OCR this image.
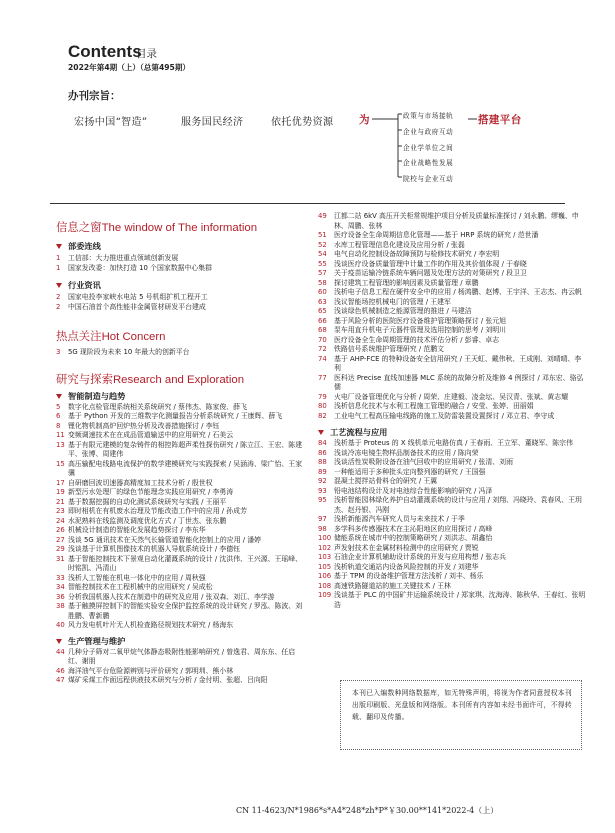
Contents
目录
2022年第4期（上）（总第495期）
办刊宗旨：
宏扬中国“智造”	服务国民经济	依托优势资源 为	搭建平台
政策与市场接轨
企业与政府互动
企业学单位之间
企业战略性发展
院校与企业互动
信息之窗The window of The information
部委连线
1	工信部：大力推进重点领域创新发展
1	国家发改委：加快打造 10 个国家数据中心集群
行业资讯
2	国家电投李家峡水电站 5 号机组扩机工程开工
2	中国石油首个高性能非金属管材研发平台建成
热点关注Hot Concern
3	5G 现阶段为未来 10 年最大的创新平台
研究与探索Research and Exploration
智能制造与趋势
5	数字化点检管理系统相关系统研究 / 蔡伟杰、陈家俊、薛飞
6	基于 Python 开发的三维数字化测量报告分析系统研究 / 王康辉、薛飞
8	锂化物机制高炉回炉热分析及改善措施探讨 / 李钰
11 变频调速技术在在成品管道输送中的应用研究 / 石美云
13 基于有限元建模的复杂铸件的相控阵超声柔性探伤研究 / 陈立江、王宏、陈建平、张博、周建伟
15 高压输配电线路电流保护的数学建模研究与实践探索 / 吴涵涛、梁广怡、王家骥
17 自研磨回波切速器高精度加工技术分析 / 殷世权
19 新型污水处理厂的绿色节能理念实践应用研究 / 李勇涛
21 基于数据挖掘的自动化测试系统研究与实践 / 王丽平
23 即时相机在有机废水治理及节能改造工作中的应用 / 孙成芳
24 水泥熟料在线监测及调度优化方式 / 丁世杰、张东鹏
26 机械设计制造的智能化发展趋势探讨 / 李东华
27 浅谈 5G 通讯技术在天然气长输管道智能化控制上的应用 / 潘婷
29 浅谈基于计算机图像技术的机器人导航系统设计 / 李德钰
31 基于智能控制技术下景观自动化灌溉系统的设计 / 沈洪伟、王兴源、王瑶峰、时铭凯、冯清山
33 浅析人工智能在机电一体化中的应用 / 周秋强
34 智能控制技术在工程机械中的应用研究 / 吴成松
36 分析我国机器人技术在制造中的研究及应用 / 张双森、刘江、李学游
38 基于触摸屏控制下的智能实验安全保护监控系统的设计研究 / 罗泓、陈波、刘胜鹏、曹新鹏
40 风力发电机叶片无人机检查路径规划技术研究 / 杨海东
生产管理与维护
44 几种分子筛对二氧甲烷气体静态吸附性能影响研究 / 曾逸君、周东东、任启红、谢朋
46 海洋油气平台危险源辨别与评价研究 / 郭明圳、熊小林
47 煤矿采煤工作面远程供液技术研究与分析 / 金付明、张超、吕向阳
49	江都二站 6kV 高压开关柜常规维护项目分析及质量标准探讨 / 刘永鹏、缪巍、申林、周鹏、张林
51	医疗设备全生命周期信息化管理——基于 HRP 系统的研究 / 范世潘
52	水库工程管理信息化建设及应用分析 / 张磊
54	电气自动化控制设备故障预防与检修技术研究 / 李宏明
55	浅谈医疗设备质量管理中计量工作的作用及其价值体现 / 于春晓
57	关于疫苗运输冷链系统车辆问题及处理方法的对策研究 / 段卫卫
58	探讨建筑工程管理的影响因素及质量管理 / 章鹏
60	浅析电子信息工程在硬件安全中的应用 / 杨鸿鹏、赵博、王宇洋、王志杰、冉云帆
63	浅议智能场控机械电门的管理 / 王建军
65	浅谈绿色机械制造之能源管理的推进 / 马建洁
66	基于风险分析的医院医疗设备维护管理策略探讨 / 张元旭
68	泵车用直升机电子元器件管理及选用控制的思考 / 刘明川
70	医疗设备全生命周期管理的技术评估分析 / 彭睿、卓志
72	铁路信号系统维护管理研究 / 范鹏文
74	基于 AHP-FCE 的特种设备安全信用研究 / 王天虹、戴伟秋、王成刚、刘晴晴、李利
77	医科达 Precise 直线加速器 MLC 系统的故障分析及维修 4 例探讨 / 邓东宏、骆弘儒
79	火电厂设备管理优化与分析 / 周荣、庄建毅、凌金坛、吴汉青、张斌、黄志耀
80	浅析信息化技术与水利工程施工管理的融合 / 安莹、张婷、田丽娟
82	工业电气工程高压输电线路的施工及防雷装置设置探讨 / 邓立君、李守成
工艺流程与应用
84	浅析基于 Proteus 的 X 线机单元电路仿真 / 王春雨、王立军、董晓军、陈宗伟
86	浅谈冷冻电镜生物样品制备技术的应用 / 陈向荣
88	浅谈活性炭吸附设备在油气回收中的应用研究 / 张清、刘雨
89	一种能适用于多种批头定向整列器的研究 / 王国强
92	混凝土搅拌站骨料仓的研究 / 王翼
93	铅电池结构设计及对电池综合性能影响的研究 / 冯泽
95	浅析智能园林绿化养护自动灌溉系统的设计与应用 / 刘翔、冯晓玲、袁春风、王玥杰、赵丹银、冯刚
97	浅析新能源汽车研究人员与未来技术 / 于季
98	多学科多传感器技术在主沁阳地区的应用探讨 / 高峰
100 储能系统在城市中的控制策略研究 / 刘洪志、胡鑫怡
102 声发射技术在金属材料检测中的应用研究 / 贾锐
103 石油企业计算机辅助设计系统的开发与应用构想 / 张志兵
105 浅析轨道交通站内设备风险控制的开发 / 刘建华
106 基于 TPM 的设备维护管理方法浅析 / 刘丰、杨乐
108 高速铁路隧道站的施工关键技术 / 王林
109 浅谈基于 PLC 的中国矿井运输系统设计 / 郑家琪、沈海涛、陈秋华、王春红、张明浩
本刊已入编数种网络数据库，如无特殊声明，将视为作者同意授权本刊出版印刷版、光盘版和网络版。本刊所有内容如未经书面许可，不得转载、翻印及传播。
CN 11-4623/N*1986*s*A4*248*zh*P*￥30.00**141*2022-4（上）
